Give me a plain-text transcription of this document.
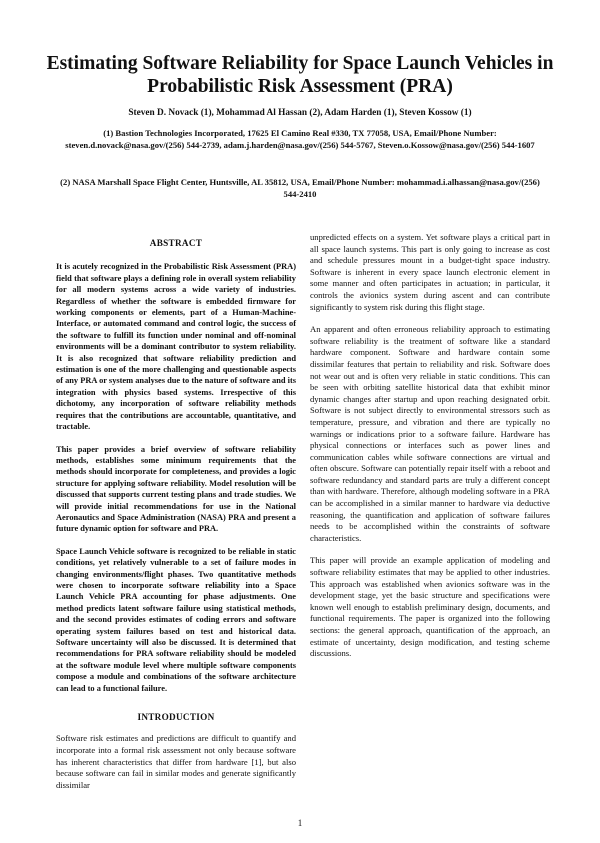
Estimating Software Reliability for Space Launch Vehicles in Probabilistic Risk Assessment (PRA)
Steven D. Novack (1), Mohammad Al Hassan (2), Adam Harden (1), Steven Kossow (1)
(1) Bastion Technologies Incorporated, 17625 El Camino Real #330, TX 77058, USA, Email/Phone Number: steven.d.novack@nasa.gov/(256) 544-2739, adam.j.harden@nasa.gov/(256) 544-5767, Steven.o.Kossow@nasa.gov/(256) 544-1607
(2) NASA Marshall Space Flight Center, Huntsville, AL 35812, USA, Email/Phone Number: mohammad.i.alhassan@nasa.gov/(256) 544-2410
ABSTRACT

It is acutely recognized in the Probabilistic Risk Assessment (PRA) field that software plays a defining role in overall system reliability for all modern systems across a wide variety of industries. Regardless of whether the software is embedded firmware for working components or elements, part of a Human-Machine-Interface, or automated command and control logic, the success of the software to fulfill its function under nominal and off-nominal environments will be a dominant contributor to system reliability. It is also recognized that software reliability prediction and estimation is one of the more challenging and questionable aspects of any PRA or system analyses due to the nature of software and its integration with physics based systems. Irrespective of this dichotomy, any incorporation of software reliability methods requires that the contributions are accountable, quantitative, and tractable.

This paper provides a brief overview of software reliability methods, establishes some minimum requirements that the methods should incorporate for completeness, and provides a logic structure for applying software reliability. Model resolution will be discussed that supports current testing plans and trade studies. We will provide initial recommendations for use in the National Aeronautics and Space Administration (NASA) PRA and present a future dynamic option for software and PRA.

Space Launch Vehicle software is recognized to be reliable in static conditions, yet relatively vulnerable to a set of failure modes in changing environments/flight phases. Two quantitative methods were chosen to incorporate software reliability into a Space Launch Vehicle PRA accounting for phase adjustments. One method predicts latent software failure using statistical methods, and the second provides estimates of coding errors and software operating system failures based on test and historical data. Software uncertainty will also be discussed. It is determined that recommendations for PRA software reliability should be modeled at the software module level where multiple software components compose a module and combinations of the software architecture can lead to a functional failure.

INTRODUCTION

Software risk estimates and predictions are difficult to quantify and incorporate into a formal risk assessment not only because software has inherent characteristics that differ from hardware [1], but also because software can fail in similar modes and generate significantly dissimilar

unpredicted effects on a system. Yet software plays a critical part in all space launch systems. This part is only going to increase as cost and schedule pressures mount in a budget-tight space industry. Software is inherent in every space launch electronic element in some manner and often participates in actuation; in particular, it controls the avionics system during ascent and can contribute significantly to system risk during this flight stage.

An apparent and often erroneous reliability approach to estimating software reliability is the treatment of software like a standard hardware component. Software and hardware contain some dissimilar features that pertain to reliability and risk. Software does not wear out and is often very reliable in static conditions. This can be seen with orbiting satellite historical data that exhibit minor dynamic changes after startup and upon reaching designated orbit. Software is not subject directly to environmental stressors such as temperature, pressure, and vibration and there are typically no warnings or indications prior to a software failure. Hardware has physical connections or interfaces such as power lines and communication cables while software connections are virtual and often obscure. Software can potentially repair itself with a reboot and software redundancy and standard parts are truly a different concept than with hardware. Therefore, although modeling software in a PRA can be accomplished in a similar manner to hardware via deductive reasoning, the quantification and application of software failures needs to be accomplished within the constraints of software characteristics.

This paper will provide an example application of modeling and software reliability estimates that may be applied to other industries. This approach was established when avionics software was in the development stage, yet the basic structure and specifications were known well enough to establish preliminary design, documents, and functional requirements. The paper is organized into the following sections: the general approach, quantification of the approach, an estimate of uncertainty, design modification, and testing scheme discussions.

1
